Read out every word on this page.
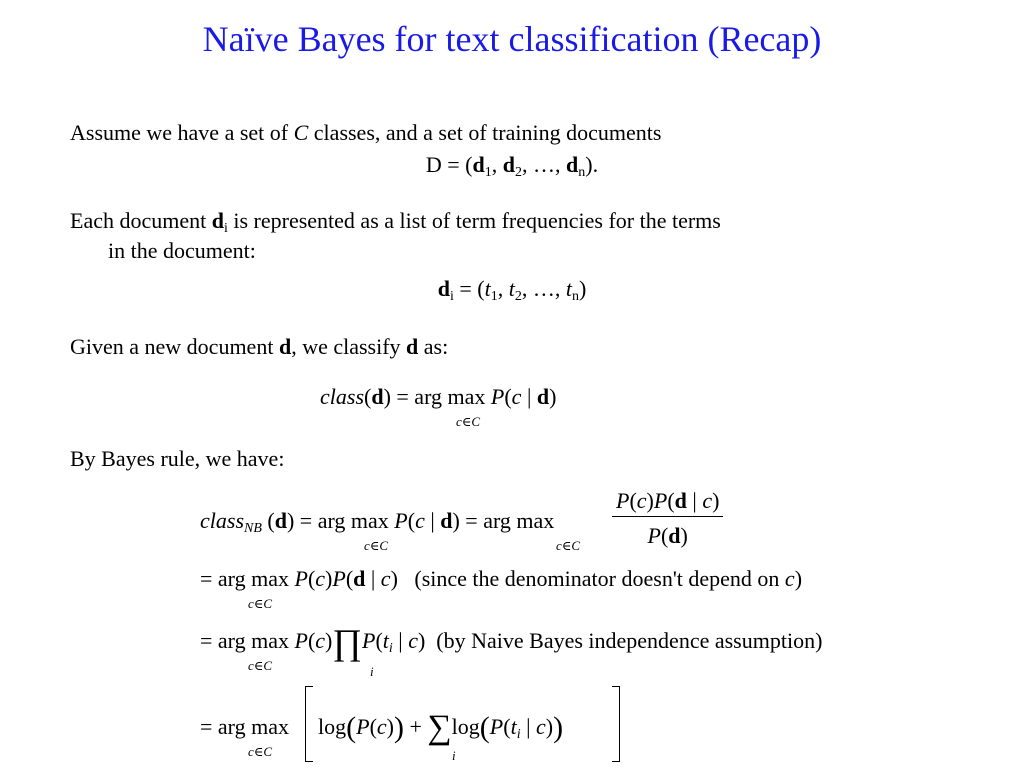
Naïve Bayes for text classification (Recap)
Assume we have a set of C classes, and a set of training documents
$D = (d_1$, $d_2$, …, $d_n$).
Each document $d_i$ is represented as a list of term frequencies for the terms
in the document:
$d_i = (t_1$, $t_2$, …, $t_n$)
Given a new document d, we classify d as:
class(d) = arg max P(c | d)
c∈C
By Bayes rule, we have:
class$_{NB}$ (d) = arg max P(c | d) = arg max	$\frac{P(c)P(d | c)}{P(d)}$
c∈C	c∈C
= arg max P(c)P(d | c) (since the denominator doesn't depend on c)
c∈C
= arg $\max P(c)\prod P(t_i$ | c) (by Naive Bayes independence assumption)
c∈C	i
= arg $\max \log(P(c)) + \sum\log(P(t_i$ | c))
c∈C	i
